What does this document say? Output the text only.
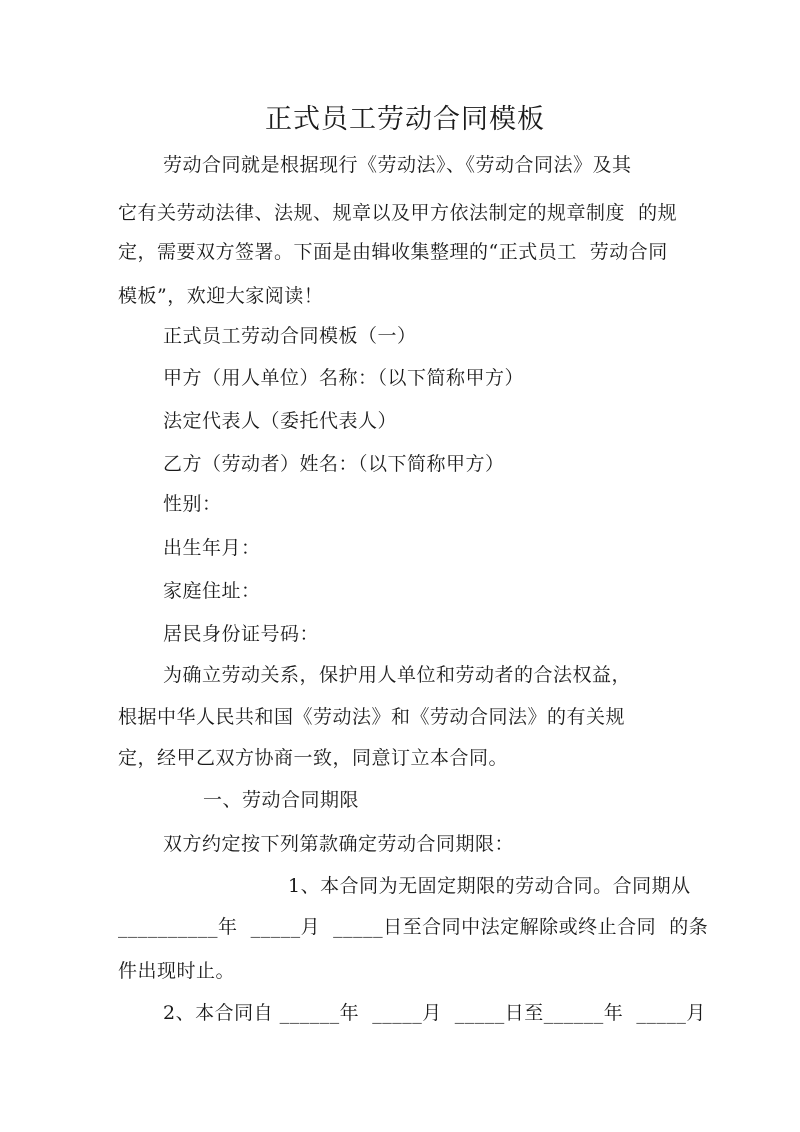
正式员工劳动合同模板
劳动合同就是根据现行《劳动法》、《劳动合同法》及其
它有关劳动法律、法规、规章以及甲方依法制定的规章制度  的规
定，需要双方签署。下面是由辑收集整理的“正式员工  劳动合同
模板”，欢迎大家阅读！
正式员工劳动合同模板（一）
甲方（用人单位）名称：（以下简称甲方）
法定代表人（委托代表人）
乙方（劳动者）姓名：（以下简称甲方）
性别：
出生年月：
家庭住址：
居民身份证号码：
为确立劳动关系，保护用人单位和劳动者的合法权益，
根据中华人民共和国《劳动法》和《劳动合同法》的有关规
定，经甲乙双方协商一致，同意订立本合同。
一、劳动合同期限
双方约定按下列第款确定劳动合同期限：
1、本合同为无固定期限的劳动合同。合同期从
__________年  _____月  _____日至合同中法定解除或终止合同  的条
件出现时止。
2、本合同自 ______年  _____月  _____日至______年  _____月
